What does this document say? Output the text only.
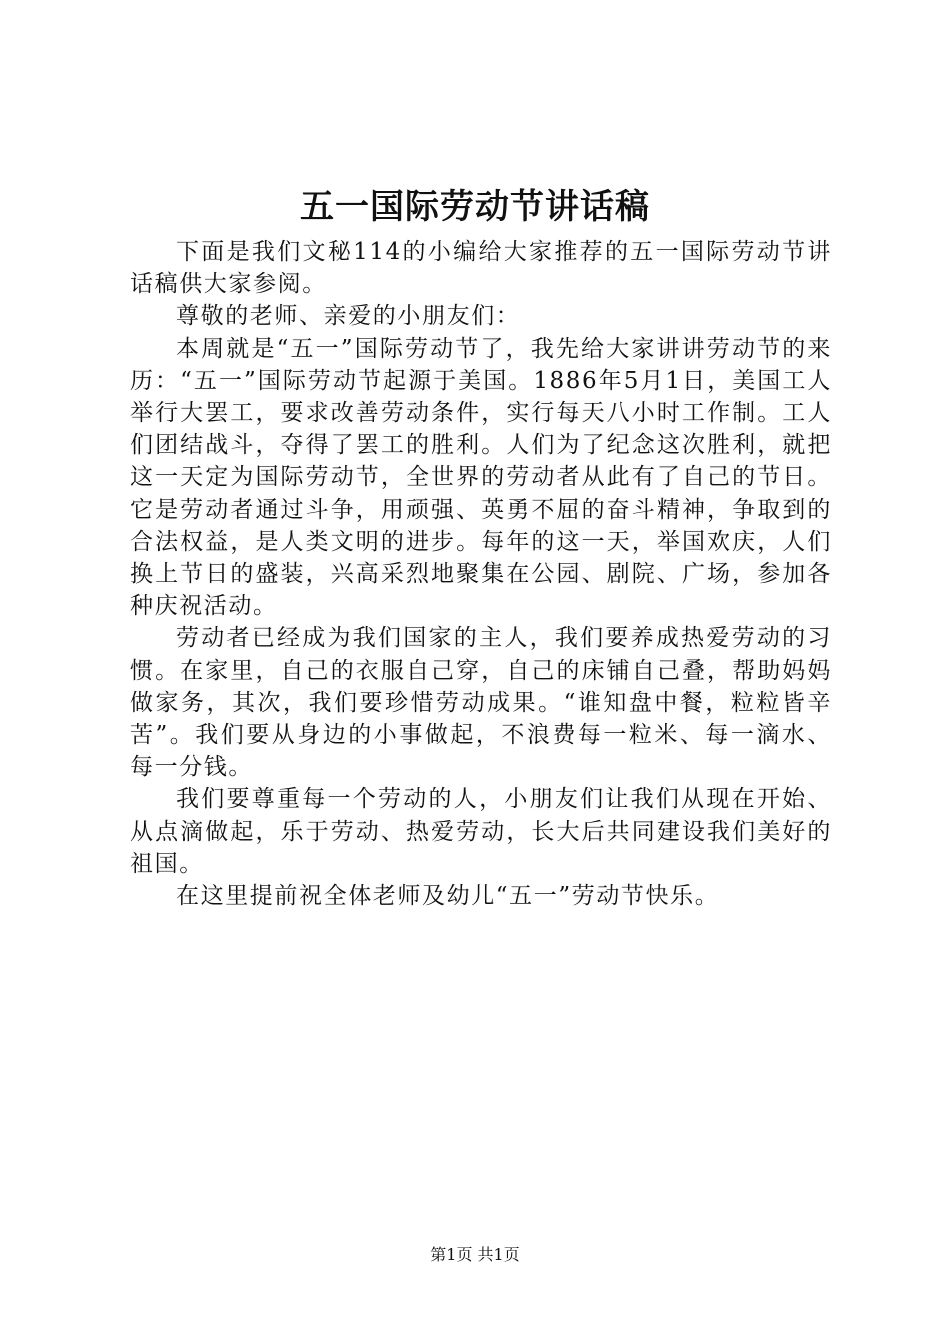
五一国际劳动节讲话稿

下面是我们文秘114的小编给大家推荐的五一国际劳动节讲话稿供大家参阅。

尊敬的老师、亲爱的小朋友们：

本周就是“五一”国际劳动节了，我先给大家讲讲劳动节的来历：“五一”国际劳动节起源于美国。1886年5月1日，美国工人举行大罢工，要求改善劳动条件，实行每天八小时工作制。工人们团结战斗，夺得了罢工的胜利。人们为了纪念这次胜利，就把这一天定为国际劳动节，全世界的劳动者从此有了自己的节日。它是劳动者通过斗争，用顽强、英勇不屈的奋斗精神，争取到的合法权益，是人类文明的进步。每年的这一天，举国欢庆，人们换上节日的盛装，兴高采烈地聚集在公园、剧院、广场，参加各种庆祝活动。

劳动者已经成为我们国家的主人，我们要养成热爱劳动的习惯。在家里，自己的衣服自己穿，自己的床铺自己叠，帮助妈妈做家务，其次，我们要珍惜劳动成果。“谁知盘中餐，粒粒皆辛苦”。我们要从身边的小事做起，不浪费每一粒米、每一滴水、每一分钱。

我们要尊重每一个劳动的人，小朋友们让我们从现在开始、从点滴做起，乐于劳动、热爱劳动，长大后共同建设我们美好的祖国。

在这里提前祝全体老师及幼儿“五一”劳动节快乐。

第1页 共1页
